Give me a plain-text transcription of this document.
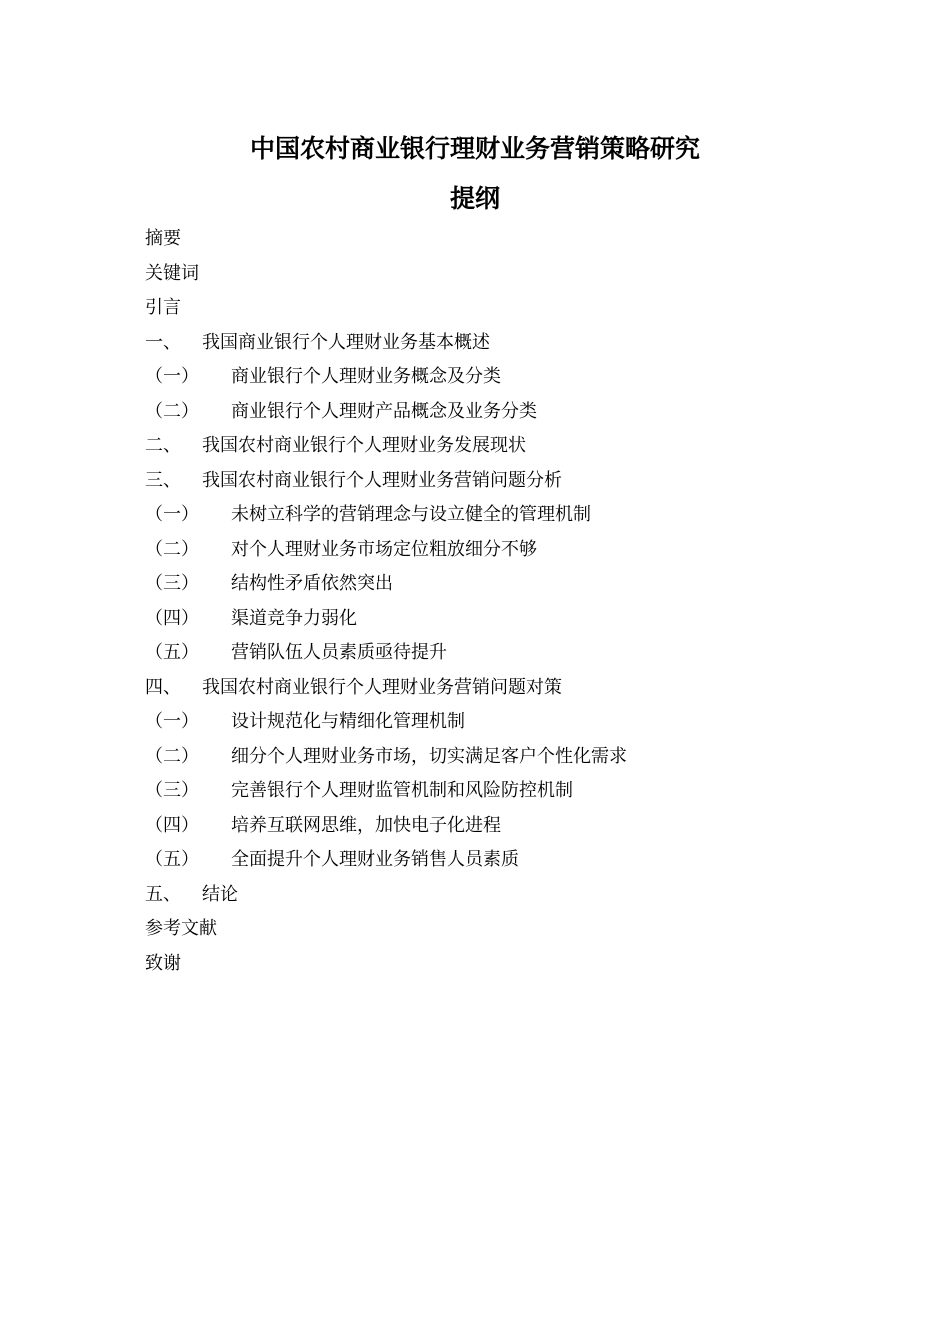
中国农村商业银行理财业务营销策略研究
提纲
摘要
关键词
引言
一、 我国商业银行个人理财业务基本概述
（一） 商业银行个人理财业务概念及分类
（二） 商业银行个人理财产品概念及业务分类
二、 我国农村商业银行个人理财业务发展现状
三、 我国农村商业银行个人理财业务营销问题分析
（一） 未树立科学的营销理念与设立健全的管理机制
（二） 对个人理财业务市场定位粗放细分不够
（三） 结构性矛盾依然突出
（四） 渠道竞争力弱化
（五） 营销队伍人员素质亟待提升
四、 我国农村商业银行个人理财业务营销问题对策
（一） 设计规范化与精细化管理机制
（二） 细分个人理财业务市场，切实满足客户个性化需求
（三） 完善银行个人理财监管机制和风险防控机制
（四） 培养互联网思维，加快电子化进程
（五） 全面提升个人理财业务销售人员素质
五、 结论
参考文献
致谢
